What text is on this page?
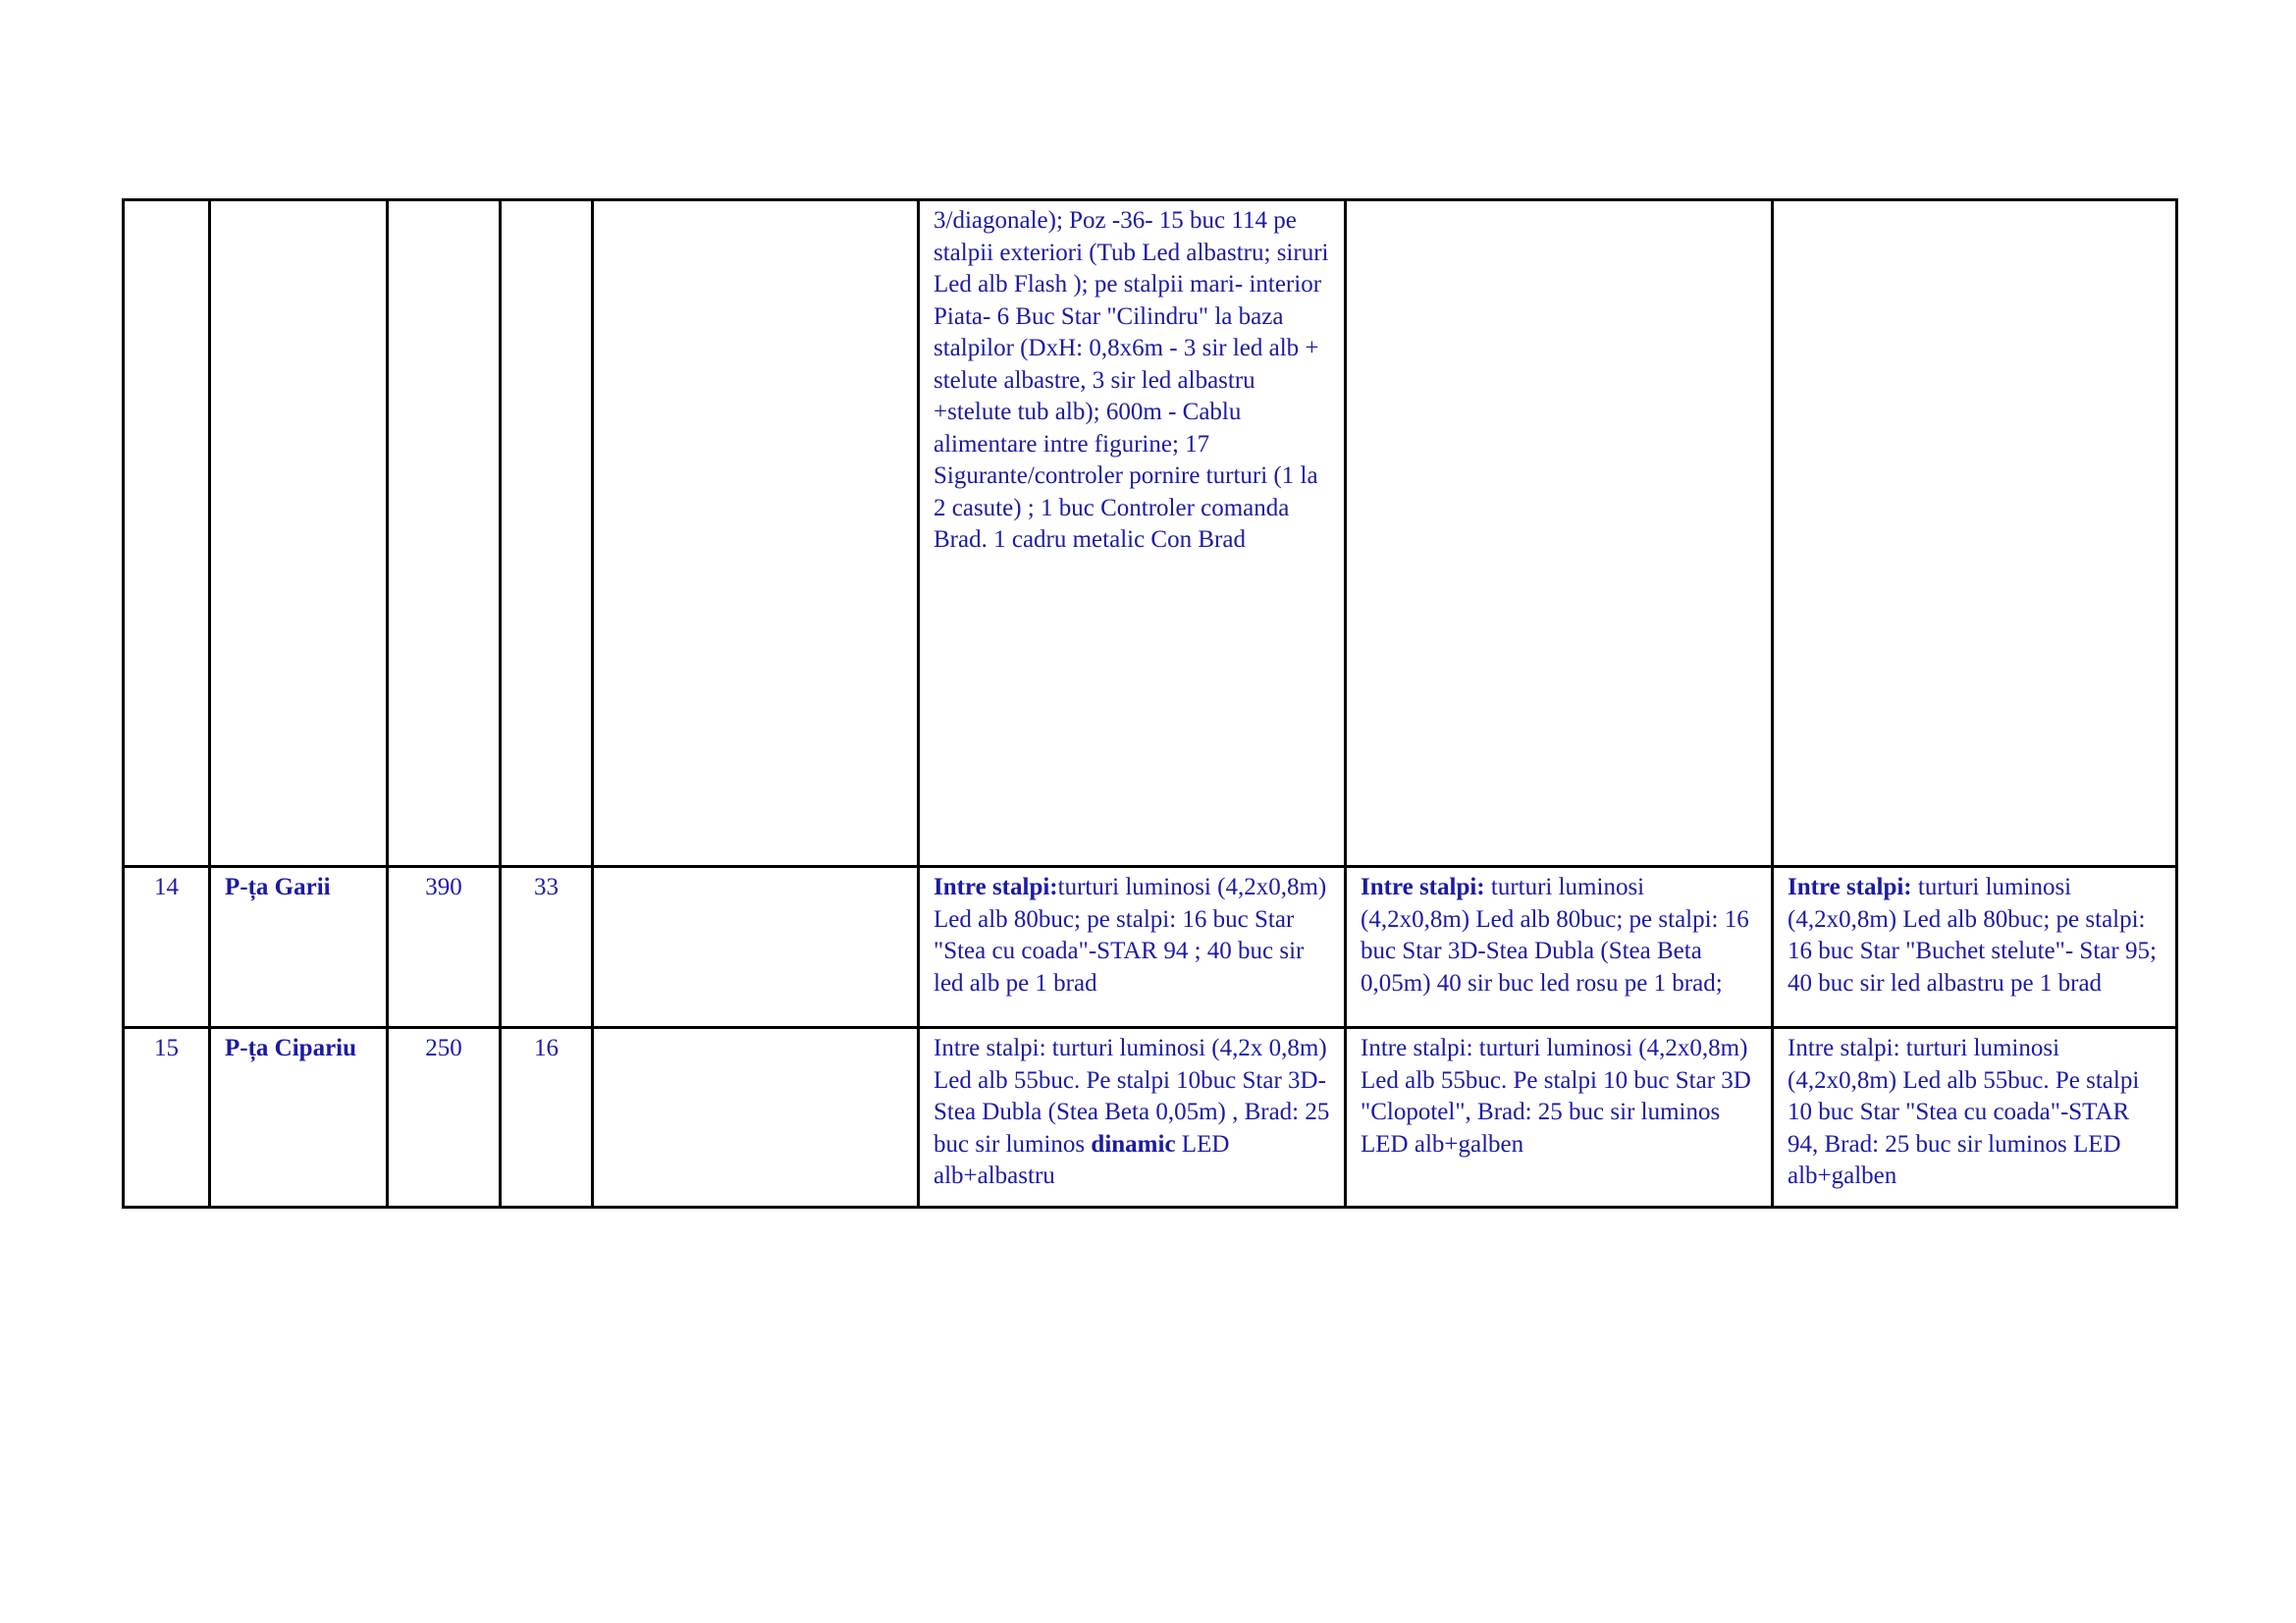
					3/diagonale); Poz -36- 15 buc 114 pe stalpii exteriori (Tub Led albastru; siruri Led alb Flash ); pe stalpii mari- interior Piata- 6 Buc Star "Cilindru" la baza stalpilor (DxH: 0,8x6m - 3 sir led alb + stelute albastre, 3 sir led albastru +stelute tub alb); 600m - Cablu alimentare intre figurine; 17 Sigurante/controler pornire turturi (1 la 2 casute) ; 1 buc Controler comanda Brad. 1 cadru metalic Con Brad		
14	P-ța Garii	390	33		Intre stalpi:turturi luminosi (4,2x0,8m) Led alb 80buc; pe stalpi: 16 buc Star "Stea cu coada"-STAR 94 ; 40 buc sir led alb pe 1 brad	Intre stalpi: turturi luminosi (4,2x0,8m) Led alb 80buc; pe stalpi: 16 buc Star 3D-Stea Dubla (Stea Beta 0,05m) 40 sir buc led rosu pe 1 brad;	Intre stalpi: turturi luminosi (4,2x0,8m) Led alb 80buc; pe stalpi: 16 buc Star "Buchet stelute"- Star 95; 40 buc sir led albastru pe 1 brad
15	P-ța Cipariu	250	16		Intre stalpi: turturi luminosi (4,2x 0,8m) Led alb 55buc. Pe stalpi 10buc Star 3D-Stea Dubla (Stea Beta 0,05m) , Brad: 25 buc sir luminos dinamic LED alb+albastru	Intre stalpi: turturi luminosi (4,2x0,8m) Led alb 55buc. Pe stalpi 10 buc Star 3D "Clopotel", Brad: 25 buc sir luminos LED alb+galben	Intre stalpi: turturi luminosi (4,2x0,8m) Led alb 55buc. Pe stalpi 10 buc Star "Stea cu coada"-STAR 94, Brad: 25 buc sir luminos LED alb+galben
